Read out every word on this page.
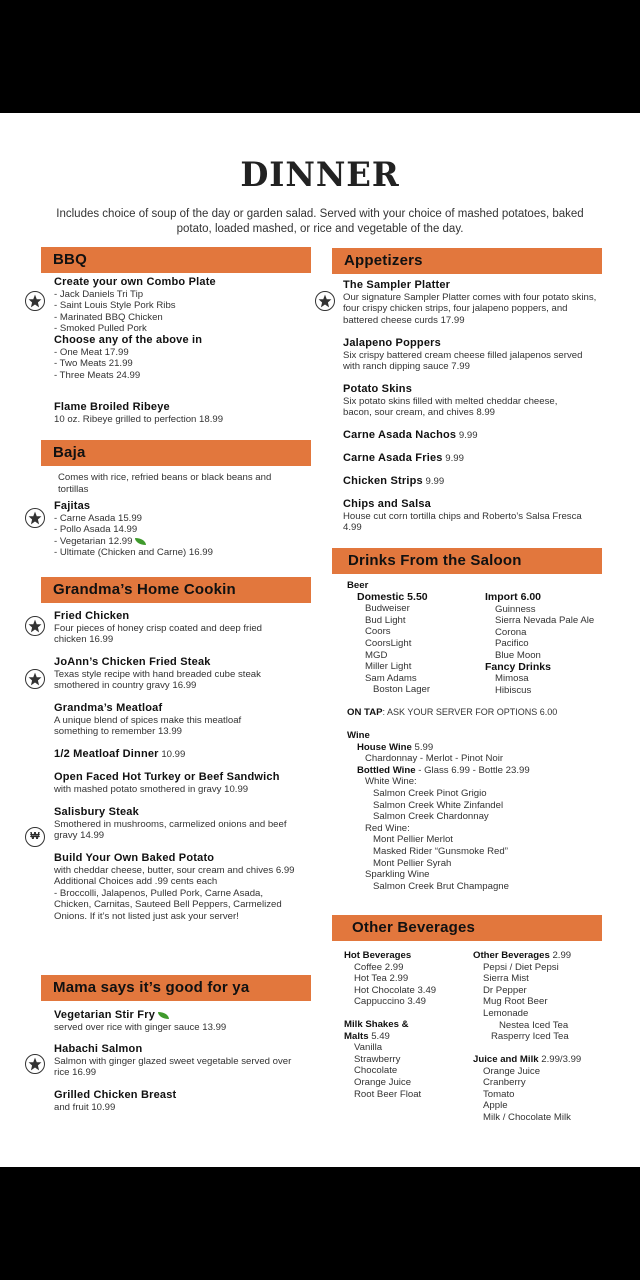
DINNER
Includes choice of soup of the day or garden salad. Served with your choice of mashed potatoes, baked potato, loaded mashed, or rice and vegetable of the day.
BBQ
Create your own Combo Plate
- Jack Daniels Tri Tip
- Saint Louis Style Pork Ribs
- Marinated BBQ Chicken
- Smoked Pulled Pork
Choose any of the above in
- One Meat 17.99
- Two Meats 21.99
- Three Meats 24.99
Flame Broiled Ribeye
10 oz. Ribeye grilled to perfection 18.99
Baja
Comes with rice, refried beans or black beans and tortillas
Fajitas
- Carne Asada 15.99
- Pollo Asada 14.99
- Vegetarian 12.99
- Ultimate (Chicken and Carne) 16.99
Grandma’s Home Cookin
Fried Chicken
Four pieces of honey crisp coated and deep fried chicken 16.99
JoAnn’s Chicken Fried Steak
Texas style recipe with hand breaded cube steak smothered in country gravy 16.99
Grandma’s Meatloaf
A unique blend of spices make this meatloaf something to remember 13.99
1/2 Meatloaf Dinner 10.99
Open Faced Hot Turkey or Beef Sandwich
with mashed potato smothered in gravy 10.99
₩
Salisbury Steak
Smothered in mushrooms, carmelized onions and beef gravy 14.99
Build Your Own Baked Potato
with cheddar cheese, butter, sour cream and chives 6.99
Additional Choices add .99 cents each
- Broccolli, Jalapenos, Pulled Pork, Carne Asada, Chicken, Carnitas, Sauteed Bell Peppers, Carmelized Onions. If it’s not listed just ask your server!
Mama says it’s good for ya
Vegetarian Stir Fry
served over rice with ginger sauce 13.99
Habachi Salmon
Salmon with ginger glazed sweet vegetable served over rice 16.99
Grilled Chicken Breast
and fruit 10.99
Appetizers
The Sampler Platter
Our signature Sampler Platter comes with four potato skins, four crispy chicken strips, four jalapeno poppers, and battered cheese curds 17.99
Jalapeno Poppers
Six crispy battered cream cheese filled jalapenos served with ranch dipping sauce 7.99
Potato Skins
Six potato skins filled with melted cheddar cheese, bacon, sour cream, and chives 8.99
Carne Asada Nachos 9.99
Carne Asada Fries 9.99
Chicken Strips 9.99
Chips and Salsa
House cut corn tortilla chips and Roberto’s Salsa Fresca 4.99
Drinks From the Saloon
Beer
Domestic 5.50
Budweiser
Bud Light
Coors
CoorsLight
MGD
Miller Light
Sam Adams
Boston Lager
Import 6.00
Guinness
Sierra Nevada Pale Ale
Corona
Pacifico
Blue Moon
Fancy Drinks
Mimosa
Hibiscus
ON TAP: ASK YOUR SERVER FOR OPTIONS 6.00
Wine
House Wine 5.99
Chardonnay - Merlot - Pinot Noir
Bottled Wine - Glass 6.99 - Bottle 23.99
White Wine:
Salmon Creek Pinot Grigio
Salmon Creek White Zinfandel
Salmon Creek Chardonnay
Red Wine:
Mont Pellier Merlot
Masked Rider “Gunsmoke Red”
Mont Pellier Syrah
Sparkling Wine
Salmon Creek Brut Champagne
Other Beverages
Hot Beverages
Coffee 2.99
Hot Tea 2.99
Hot Chocolate 3.49
Cappuccino 3.49
Milk Shakes &
Malts 5.49
Vanilla
Strawberry
Chocolate
Orange Juice
Root Beer Float
Other Beverages 2.99
Pepsi / Diet Pepsi
Sierra Mist
Dr Pepper
Mug Root Beer
Lemonade
Nestea Iced Tea
Rasperry Iced Tea
Juice and Milk 2.99/3.99
Orange Juice
Cranberry
Tomato
Apple
Milk / Chocolate Milk
